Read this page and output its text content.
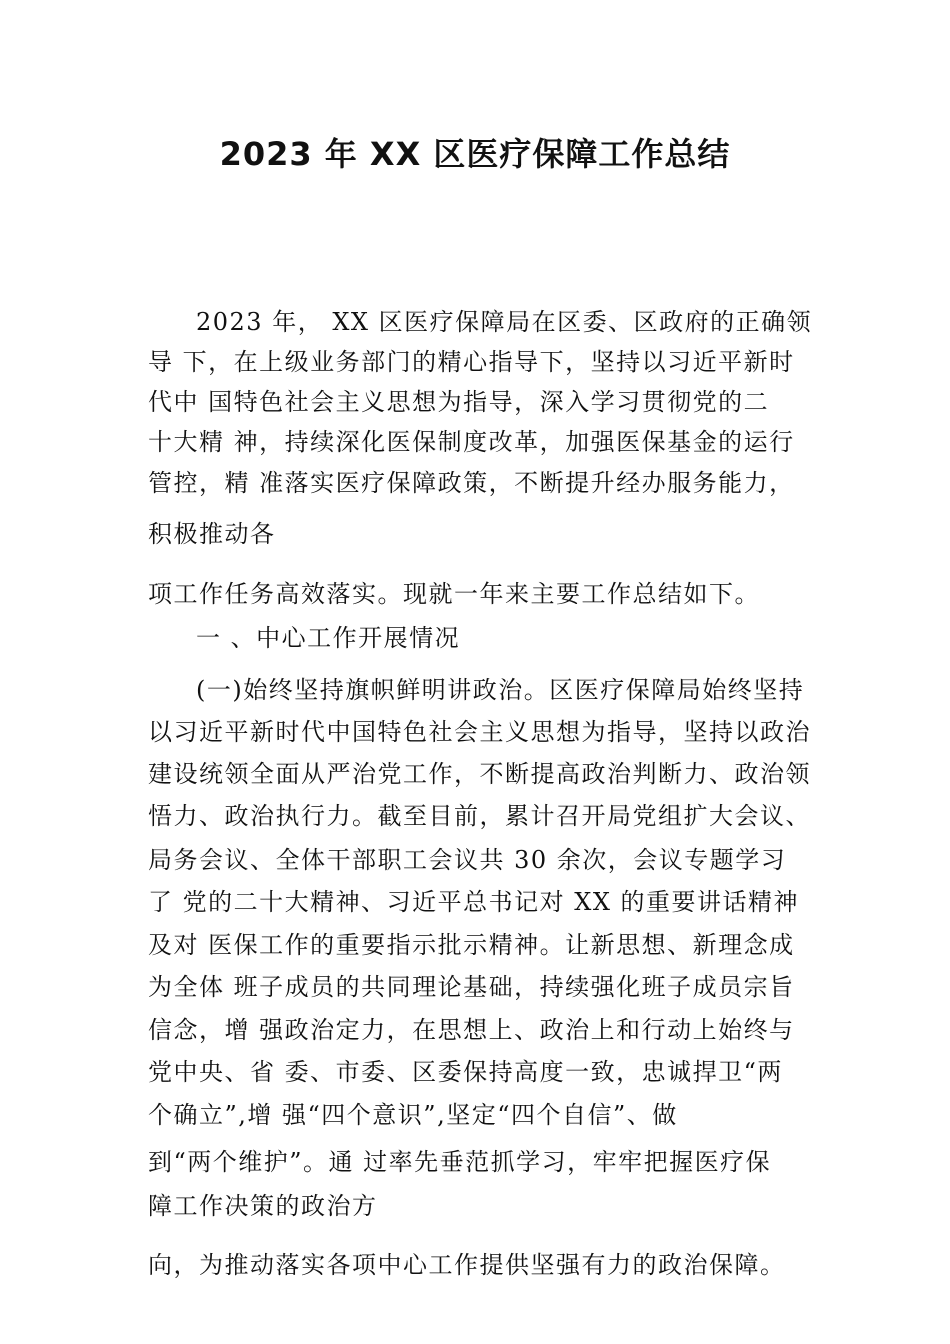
2023 年 XX 区医疗保障工作总结
2023 年， XX 区医疗保障局在区委、区政府的正确领
导 下，在上级业务部门的精心指导下，坚持以习近平新时
代中 国特色社会主义思想为指导，深入学习贯彻党的二
十大精 神，持续深化医保制度改革，加强医保基金的运行
管控，精 准落实医疗保障政策，不断提升经办服务能力，
积极推动各
项工作任务高效落实。现就一年来主要工作总结如下。
一 、中心工作开展情况
(一)始终坚持旗帜鲜明讲政治。区医疗保障局始终坚持
以习近平新时代中国特色社会主义思想为指导，坚持以政治
建设统领全面从严治党工作，不断提高政治判断力、政治领
悟力、政治执行力。截至目前，累计召开局党组扩大会议、
局务会议、全体干部职工会议共 30 余次，会议专题学习
了 党的二十大精神、习近平总书记对 XX 的重要讲话精神
及对 医保工作的重要指示批示精神。让新思想、新理念成
为全体 班子成员的共同理论基础，持续强化班子成员宗旨
信念，增 强政治定力，在思想上、政治上和行动上始终与
党中央、省 委、市委、区委保持高度一致，忠诚捍卫“两
个确立”,增 强“四个意识”,坚定“四个自信”、做
到“两个维护”。通 过率先垂范抓学习，牢牢把握医疗保
障工作决策的政治方
向，为推动落实各项中心工作提供坚强有力的政治保障。
